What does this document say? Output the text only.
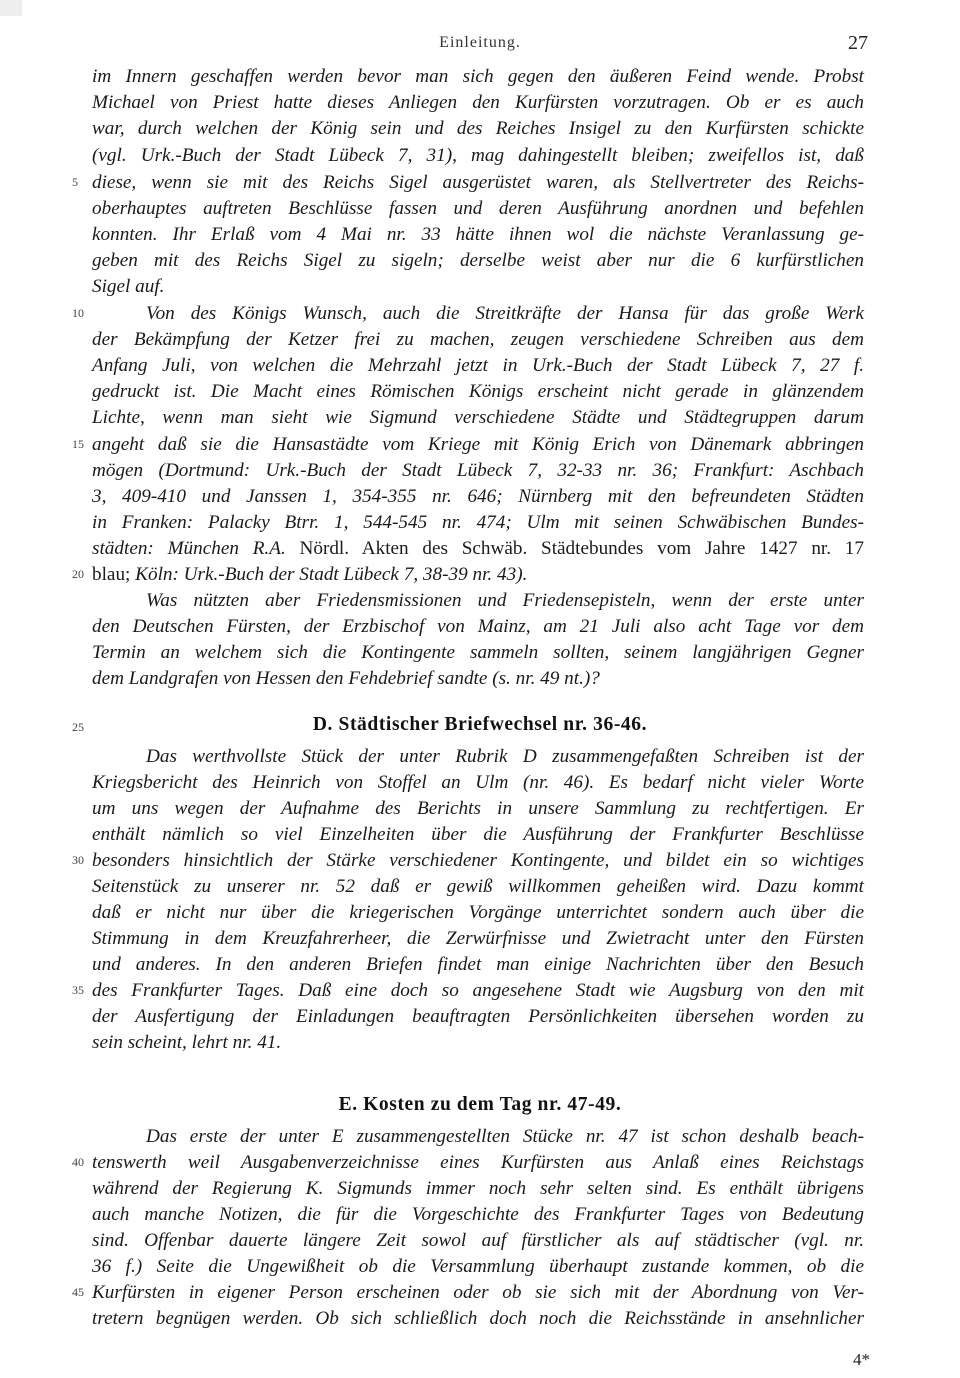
Einleitung.	27
im Innern geschaffen werden bevor man sich gegen den äußeren Feind wende. Probst
Michael von Priest hatte dieses Anliegen den Kurfürsten vorzutragen. Ob er es auch
war, durch welchen der König sein und des Reiches Insigel zu den Kurfürsten schickte
(vgl. Urk.-Buch der Stadt Lübeck 7, 31), mag dahingestellt bleiben; zweifellos ist, daß
diese, wenn sie mit des Reichs Sigel ausgerüstet waren, als Stellvertreter des Reichs-
5
oberhauptes auftreten Beschlüsse fassen und deren Ausführung anordnen und befehlen
konnten. Ihr Erlaß vom 4 Mai nr. 33 hätte ihnen wol die nächste Veranlassung ge-
geben mit des Reichs Sigel zu sigeln; derselbe weist aber nur die 6 kurfürstlichen
Sigel auf.
Von des Königs Wunsch, auch die Streitkräfte der Hansa für das große Werk
10
der Bekämpfung der Ketzer frei zu machen, zeugen verschiedene Schreiben aus dem
Anfang Juli, von welchen die Mehrzahl jetzt in Urk.-Buch der Stadt Lübeck 7, 27 f.
gedruckt ist. Die Macht eines Römischen Königs erscheint nicht gerade in glänzendem
Lichte, wenn man sieht wie Sigmund verschiedene Städte und Städtegruppen darum
angeht daß sie die Hansastädte vom Kriege mit König Erich von Dänemark abbringen
15
mögen (Dortmund: Urk.-Buch der Stadt Lübeck 7, 32-33 nr. 36; Frankfurt: Aschbach
3, 409-410 und Janssen 1, 354-355 nr. 646; Nürnberg mit den befreundeten Städten
in Franken: Palacky Btrr. 1, 544-545 nr. 474; Ulm mit seinen Schwäbischen Bundes-
städten: München R.A. Nördl. Akten des Schwäb. Städtebundes vom Jahre 1427 nr. 17
blau; Köln: Urk.-Buch der Stadt Lübeck 7, 38-39 nr. 43).
20
Was nützten aber Friedensmissionen und Friedensepisteln, wenn der erste unter
den Deutschen Fürsten, der Erzbischof von Mainz, am 21 Juli also acht Tage vor dem
Termin an welchem sich die Kontingente sammeln sollten, seinem langjährigen Gegner
dem Landgrafen von Hessen den Fehdebrief sandte (s. nr. 49 nt.)?
D. Städtischer Briefwechsel nr. 36-46.
25
Das werthvollste Stück der unter Rubrik D zusammengefaßten Schreiben ist der
Kriegsbericht des Heinrich von Stoffel an Ulm (nr. 46). Es bedarf nicht vieler Worte
um uns wegen der Aufnahme des Berichts in unsere Sammlung zu rechtfertigen. Er
enthält nämlich so viel Einzelheiten über die Ausführung der Frankfurter Beschlüsse
besonders hinsichtlich der Stärke verschiedener Kontingente, und bildet ein so wichtiges
30
Seitenstück zu unserer nr. 52 daß er gewiß willkommen geheißen wird. Dazu kommt
daß er nicht nur über die kriegerischen Vorgänge unterrichtet sondern auch über die
Stimmung in dem Kreuzfahrerheer, die Zerwürfnisse und Zwietracht unter den Fürsten
und anderes. In den anderen Briefen findet man einige Nachrichten über den Besuch
des Frankfurter Tages. Daß eine doch so angesehene Stadt wie Augsburg von den mit
35
der Ausfertigung der Einladungen beauftragten Persönlichkeiten übersehen worden zu
sein scheint, lehrt nr. 41.
E. Kosten zu dem Tag nr. 47-49.
Das erste der unter E zusammengestellten Stücke nr. 47 ist schon deshalb beach-
tenswerth weil Ausgabenverzeichnisse eines Kurfürsten aus Anlaß eines Reichstags
40
während der Regierung K. Sigmunds immer noch sehr selten sind. Es enthält übrigens
auch manche Notizen, die für die Vorgeschichte des Frankfurter Tages von Bedeutung
sind. Offenbar dauerte längere Zeit sowol auf fürstlicher als auf städtischer (vgl. nr.
36 f.) Seite die Ungewißheit ob die Versammlung überhaupt zustande kommen, ob die
Kurfürsten in eigener Person erscheinen oder ob sie sich mit der Abordnung von Ver-
45
tretern begnügen werden. Ob sich schließlich doch noch die Reichsstände in ansehnlicher
4*
